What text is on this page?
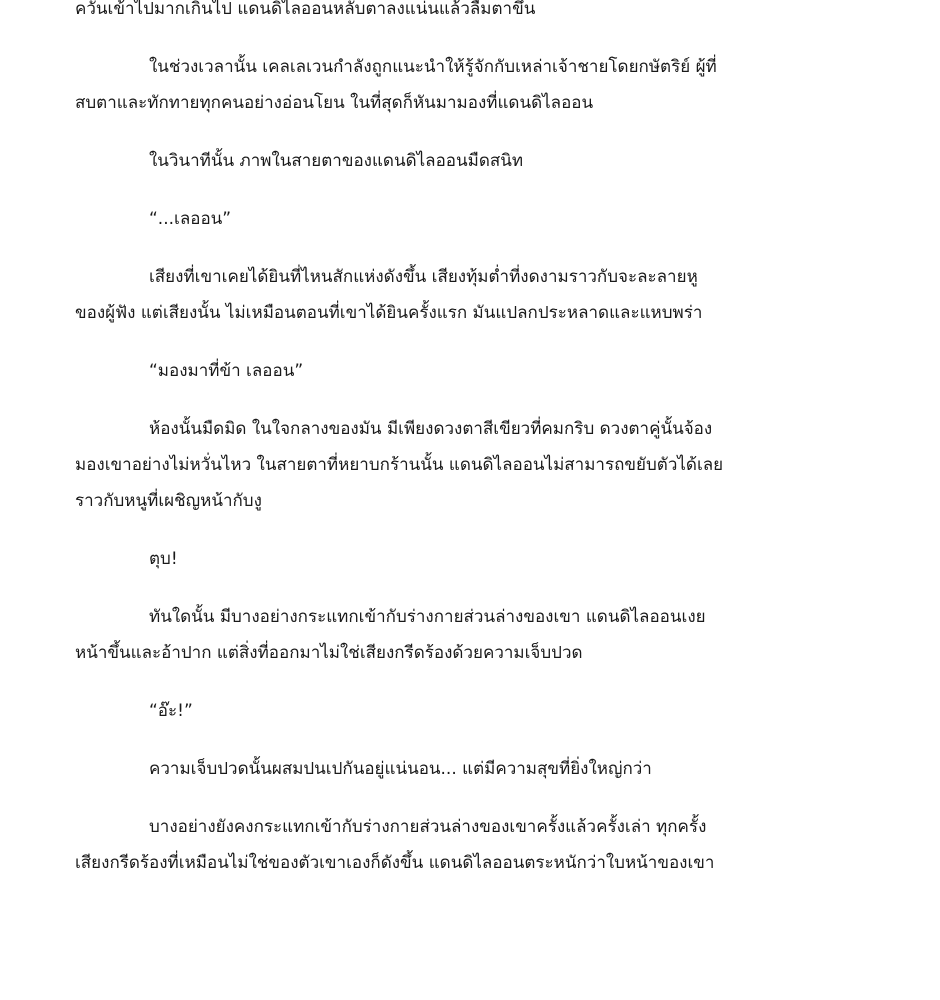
ควันเข้าไปมากเกินไป แดนดิไลออนหลับตาลงแน่นแล้วลืมตาขึ้น

ในช่วงเวลานั้น เคลเลเวนกำลังถูกแนะนำให้รู้จักกับเหล่าเจ้าชายโดยกษัตริย์ ผู้ที่
สบตาและทักทายทุกคนอย่างอ่อนโยน ในที่สุดก็หันมามองที่แดนดิไลออน

ในวินาทีนั้น ภาพในสายตาของแดนดิไลออนมืดสนิท

“...เลออน”

เสียงที่เขาเคยได้ยินที่ไหนสักแห่งดังขึ้น เสียงทุ้มต่ำที่งดงามราวกับจะละลายหู
ของผู้ฟัง แต่เสียงนั้น ไม่เหมือนตอนที่เขาได้ยินครั้งแรก มันแปลกประหลาดและแหบพร่า

“มองมาที่ข้า เลออน”

ห้องนั้นมืดมิด ในใจกลางของมัน มีเพียงดวงตาสีเขียวที่คมกริบ ดวงตาคู่นั้นจ้อง
มองเขาอย่างไม่หวั่นไหว ในสายตาที่หยาบกร้านนั้น แดนดิไลออนไม่สามารถขยับตัวได้เลย
ราวกับหนูที่เผชิญหน้ากับงู

ตุบ!

ทันใดนั้น มีบางอย่างกระแทกเข้ากับร่างกายส่วนล่างของเขา แดนดิไลออนเงย
หน้าขึ้นและอ้าปาก แต่สิ่งที่ออกมาไม่ใช่เสียงกรีดร้องด้วยความเจ็บปวด

“อ๊ะ!”

ความเจ็บปวดนั้นผสมปนเปกันอยู่แน่นอน... แต่มีความสุขที่ยิ่งใหญ่กว่า

บางอย่างยังคงกระแทกเข้ากับร่างกายส่วนล่างของเขาครั้งแล้วครั้งเล่า ทุกครั้ง
เสียงกรีดร้องที่เหมือนไม่ใช่ของตัวเขาเองก็ดังขึ้น แดนดิไลออนตระหนักว่าใบหน้าของเขา
